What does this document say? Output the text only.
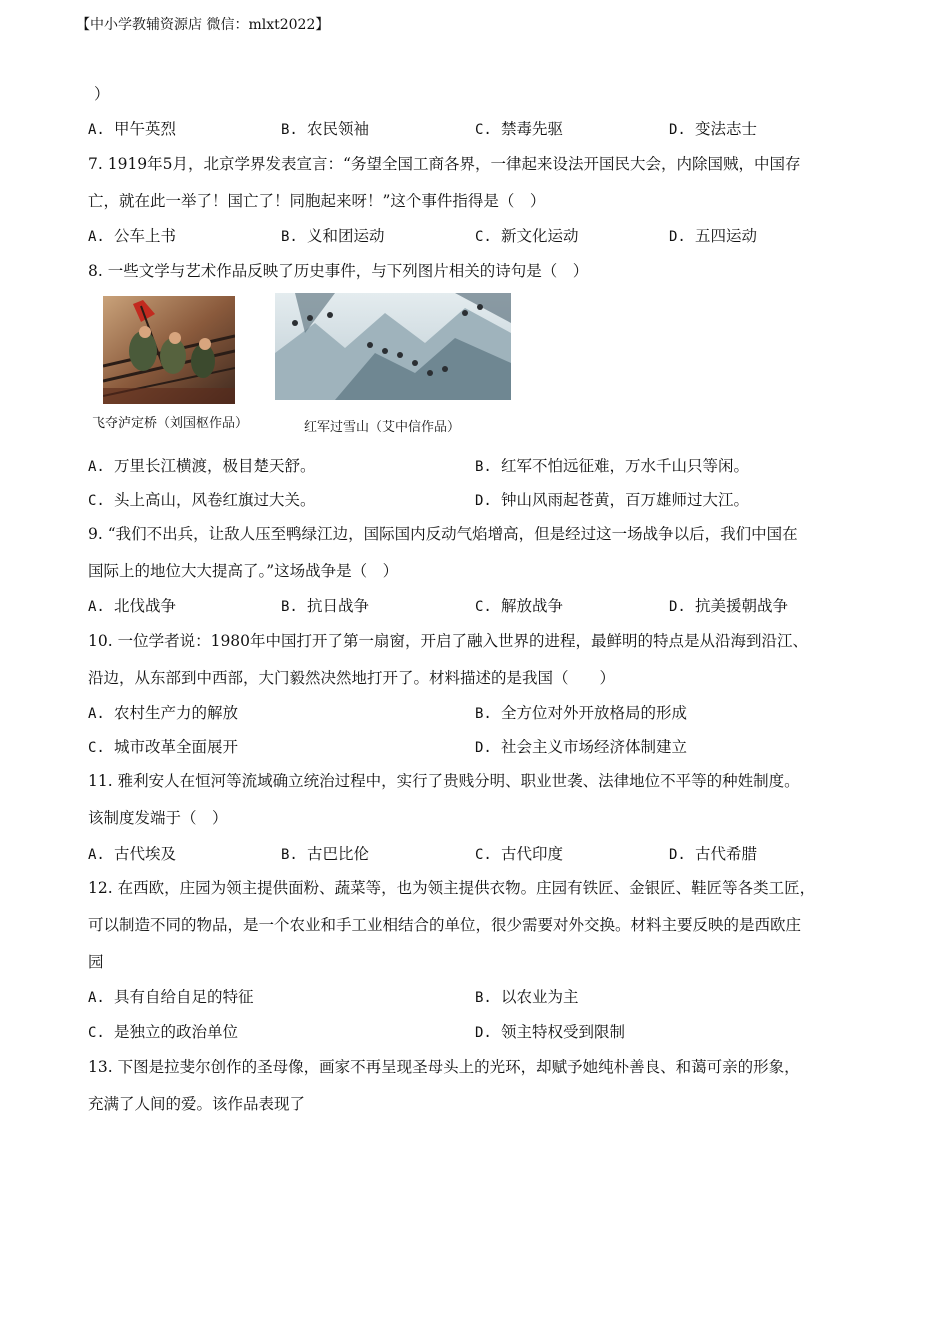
【中小学教辅资源店 微信：mlxt2022】
）
A. 甲午英烈	B. 农民领袖	C. 禁毒先驱	D. 变法志士
7. 1919年5月，北京学界发表宣言：“务望全国工商各界，一律起来设法开国民大会，内除国贼，中国存
亡，就在此一举了！国亡了！同胞起来呀！”这个事件指得是（　）
A. 公车上书	B. 义和团运动	C. 新文化运动	D. 五四运动
8. 一些文学与艺术作品反映了历史事件，与下列图片相关的诗句是（　）
飞夺泸定桥（刘国枢作品）	红军过雪山（艾中信作品）
A. 万里长江横渡，极目楚天舒。	B. 红军不怕远征难，万水千山只等闲。
C. 头上高山，风卷红旗过大关。	D. 钟山风雨起苍黄，百万雄师过大江。
9. “我们不出兵，让敌人压至鸭绿江边，国际国内反动气焰增高，但是经过这一场战争以后，我们中国在
国际上的地位大大提高了。”这场战争是（　）
A. 北伐战争	B. 抗日战争	C. 解放战争	D. 抗美援朝战争
10. 一位学者说：1980年中国打开了第一扇窗，开启了融入世界的进程，最鲜明的特点是从沿海到沿江、
沿边，从东部到中西部，大门毅然决然地打开了。材料描述的是我国（　　）
A. 农村生产力的解放	B. 全方位对外开放格局的形成
C. 城市改革全面展开	D. 社会主义市场经济体制建立
11. 雅利安人在恒河等流域确立统治过程中，实行了贵贱分明、职业世袭、法律地位不平等的种姓制度。
该制度发端于（　）
A. 古代埃及	B. 古巴比伦	C. 古代印度	D. 古代希腊
12. 在西欧，庄园为领主提供面粉、蔬菜等，也为领主提供衣物。庄园有铁匠、金银匠、鞋匠等各类工匠，
可以制造不同的物品，是一个农业和手工业相结合的单位，很少需要对外交换。材料主要反映的是西欧庄
园
A. 具有自给自足的特征	B. 以农业为主
C. 是独立的政治单位	D. 领主特权受到限制
13. 下图是拉斐尔创作的圣母像，画家不再呈现圣母头上的光环，却赋予她纯朴善良、和蔼可亲的形象，
充满了人间的爱。该作品表现了
